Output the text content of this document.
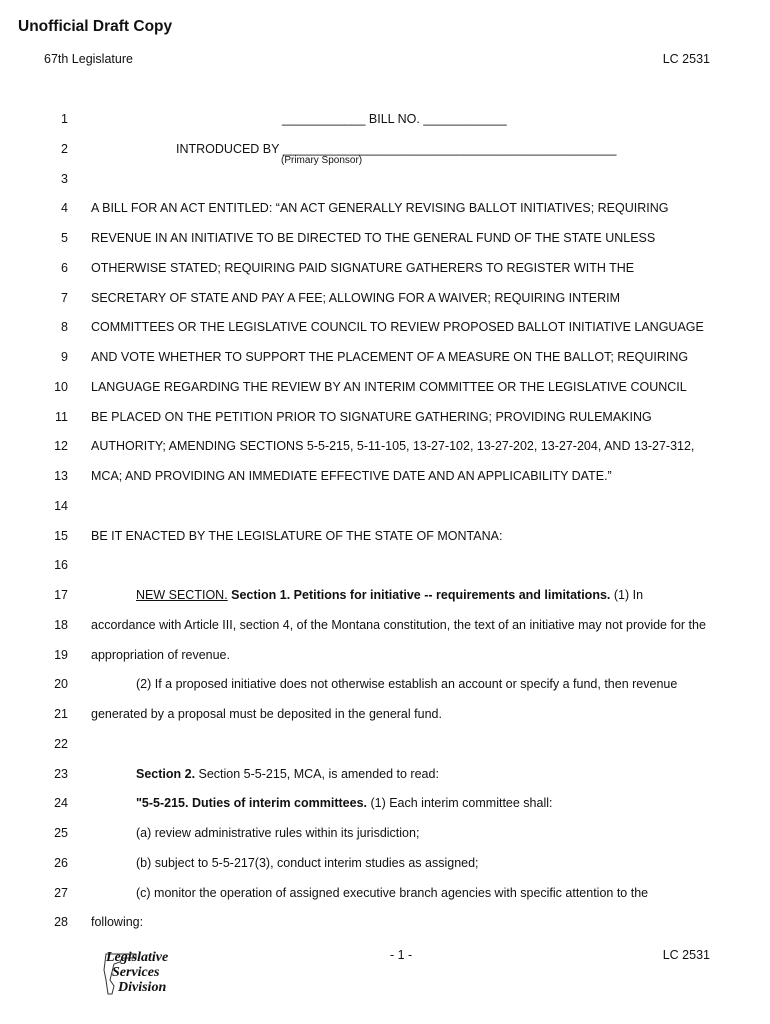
Unofficial Draft Copy
67th Legislature	LC 2531
1	____________ BILL NO. ____________
2	INTRODUCED BY ________________________________________________
3
4 A BILL FOR AN ACT ENTITLED: “AN ACT GENERALLY REVISING BALLOT INITIATIVES; REQUIRING
5 REVENUE IN AN INITIATIVE TO BE DIRECTED TO THE GENERAL FUND OF THE STATE UNLESS
6 OTHERWISE STATED; REQUIRING PAID SIGNATURE GATHERERS TO REGISTER WITH THE
7 SECRETARY OF STATE AND PAY A FEE; ALLOWING FOR A WAIVER; REQUIRING INTERIM
8 COMMITTEES OR THE LEGISLATIVE COUNCIL TO REVIEW PROPOSED BALLOT INITIATIVE LANGUAGE
9 AND VOTE WHETHER TO SUPPORT THE PLACEMENT OF A MEASURE ON THE BALLOT; REQUIRING
10 LANGUAGE REGARDING THE REVIEW BY AN INTERIM COMMITTEE OR THE LEGISLATIVE COUNCIL
11 BE PLACED ON THE PETITION PRIOR TO SIGNATURE GATHERING; PROVIDING RULEMAKING
12 AUTHORITY; AMENDING SECTIONS 5-5-215, 5-11-105, 13-27-102, 13-27-202, 13-27-204, AND 13-27-312,
13 MCA; AND PROVIDING AN IMMEDIATE EFFECTIVE DATE AND AN APPLICABILITY DATE.”
14
15 BE IT ENACTED BY THE LEGISLATURE OF THE STATE OF MONTANA:
16
17	NEW SECTION. Section 1. Petitions for initiative -- requirements and limitations. (1) In
18 accordance with Article III, section 4, of the Montana constitution, the text of an initiative may not provide for the
19 appropriation of revenue.
20	(2) If a proposed initiative does not otherwise establish an account or specify a fund, then revenue
21 generated by a proposal must be deposited in the general fund.
22
23	Section 2. Section 5-5-215, MCA, is amended to read:
24	"5-5-215. Duties of interim committees. (1) Each interim committee shall:
25	(a) review administrative rules within its jurisdiction;
26	(b) subject to 5-5-217(3), conduct interim studies as assigned;
27	(c) monitor the operation of assigned executive branch agencies with specific attention to the
28 following:
(Primary Sponsor)
- 1 -	LC 2531
Legislative
Services
Division
